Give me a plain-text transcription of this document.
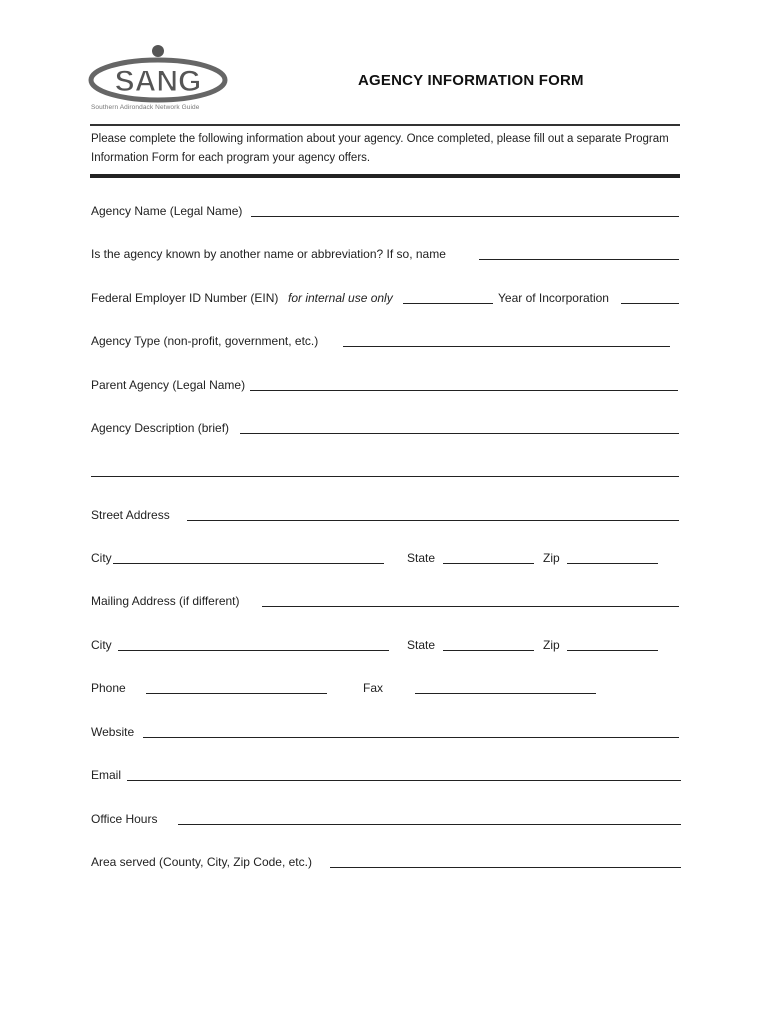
SANG
Southern Adirondack Network Guide
AGENCY INFORMATION FORM
Please complete the following information about your agency. Once completed, please fill out a separate Program Information Form for each program your agency offers.
Agency Name (Legal Name)
Is the agency known by another name or abbreviation? If so, name
Federal Employer ID Number (EIN) for internal use only	Year of Incorporation
Agency Type (non-profit, government, etc.)
Parent Agency (Legal Name)
Agency Description (brief)
Street Address
City	State	Zip
Mailing Address (if different)
City	State	Zip
Phone	Fax
Website
Email
Office Hours
Area served (County, City, Zip Code, etc.)
